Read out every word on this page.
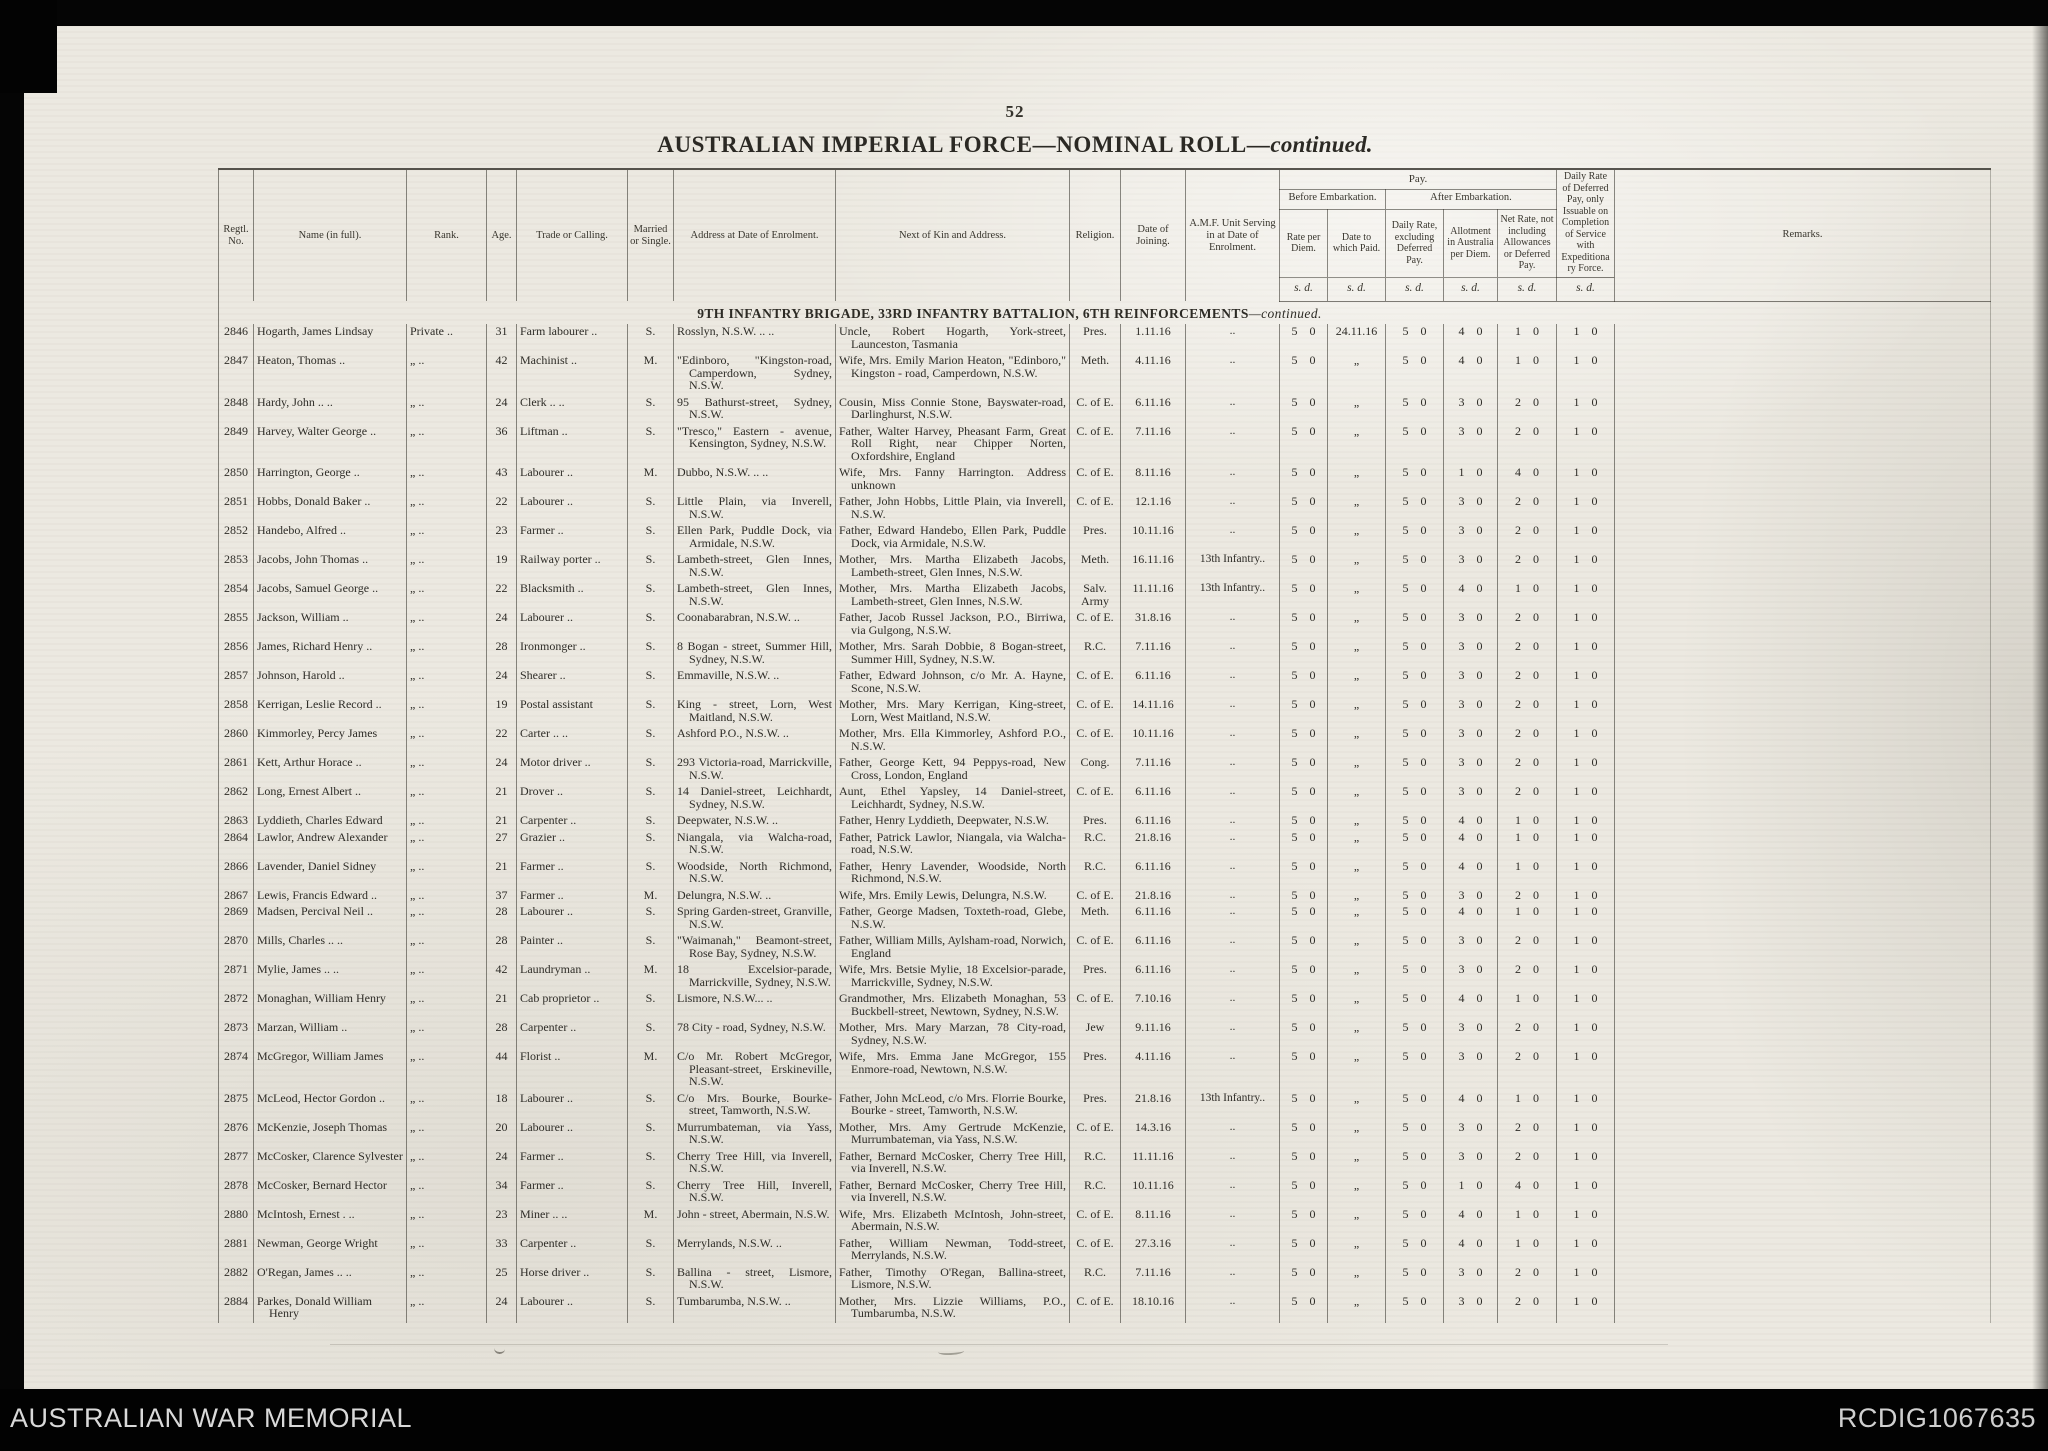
52
AUSTRALIAN IMPERIAL FORCE—NOMINAL ROLL—continued.
Regtl. No.	Name (in full).	Rank.	Age.	Trade or Calling.	Married or Single.	Address at Date of Enrolment.	Next of Kin and Address.	Religion.	Date of Joining.	A.M.F. Unit Serving in at Date of Enrolment.	Pay.					Daily Rate of Deferred Pay, only Issuable on Completion of Service with Expeditionary Force.	Remarks.
											Before Embarkation.		After Embarkation.				
											Rate per Diem.	Date to which Paid.	Daily Rate, excluding Deferred Pay.	Allotment in Australia per Diem.	Net Rate, not including Allowances or Deferred Pay.		
											s. d.	s. d.	s. d.	s. d.	s. d.	s. d.	
9TH INFANTRY BRIGADE, 33RD INFANTRY BATTALION, 6TH REINFORCEMENTS—continued.																	
2846	Hogarth, James Lindsay	Private ..	31	Farm labourer ..	S.	Rosslyn, N.S.W. .. ..	Uncle, Robert Hogarth, York-street, Launceston, Tasmania	Pres.	1.11.16	..	5 0	24.11.16	5 0	4 0	1 0	1 0	
2847	Heaton, Thomas ..	„ ..	42	Machinist ..	M.	"Edinboro, "Kingston-road, Camperdown, Sydney, N.S.W.	Wife, Mrs. Emily Marion Heaton, "Edinboro," Kingston - road, Camperdown, N.S.W.	Meth.	4.11.16	..	5 0	„	5 0	4 0	1 0	1 0	
2848	Hardy, John .. ..	„ ..	24	Clerk .. ..	S.	95 Bathurst-street, Sydney, N.S.W.	Cousin, Miss Connie Stone, Bayswater-road, Darlinghurst, N.S.W.	C. of E.	6.11.16	..	5 0	„	5 0	3 0	2 0	1 0	
2849	Harvey, Walter George ..	„ ..	36	Liftman ..	S.	"Tresco," Eastern - avenue, Kensington, Sydney, N.S.W.	Father, Walter Harvey, Pheasant Farm, Great Roll Right, near Chipper Norten, Oxfordshire, England	C. of E.	7.11.16	..	5 0	„	5 0	3 0	2 0	1 0	
2850	Harrington, George ..	„ ..	43	Labourer ..	M.	Dubbo, N.S.W. .. ..	Wife, Mrs. Fanny Harrington. Address unknown	C. of E.	8.11.16	..	5 0	„	5 0	1 0	4 0	1 0	
2851	Hobbs, Donald Baker ..	„ ..	22	Labourer ..	S.	Little Plain, via Inverell, N.S.W.	Father, John Hobbs, Little Plain, via Inverell, N.S.W.	C. of E.	12.1.16	..	5 0	„	5 0	3 0	2 0	1 0	
2852	Handebo, Alfred ..	„ ..	23	Farmer ..	S.	Ellen Park, Puddle Dock, via Armidale, N.S.W.	Father, Edward Handebo, Ellen Park, Puddle Dock, via Armidale, N.S.W.	Pres.	10.11.16	..	5 0	„	5 0	3 0	2 0	1 0	
2853	Jacobs, John Thomas ..	„ ..	19	Railway porter ..	S.	Lambeth-street, Glen Innes, N.S.W.	Mother, Mrs. Martha Elizabeth Jacobs, Lambeth-street, Glen Innes, N.S.W.	Meth.	16.11.16	13th Infantry..	5 0	„	5 0	3 0	2 0	1 0	
2854	Jacobs, Samuel George ..	„ ..	22	Blacksmith ..	S.	Lambeth-street, Glen Innes, N.S.W.	Mother, Mrs. Martha Elizabeth Jacobs, Lambeth-street, Glen Innes, N.S.W.	Salv. Army	11.11.16	13th Infantry..	5 0	„	5 0	4 0	1 0	1 0	
2855	Jackson, William ..	„ ..	24	Labourer ..	S.	Coonabarabran, N.S.W. ..	Father, Jacob Russel Jackson, P.O., Birriwa, via Gulgong, N.S.W.	C. of E.	31.8.16	..	5 0	„	5 0	3 0	2 0	1 0	
2856	James, Richard Henry ..	„ ..	28	Ironmonger ..	S.	8 Bogan - street, Summer Hill, Sydney, N.S.W.	Mother, Mrs. Sarah Dobbie, 8 Bogan-street, Summer Hill, Sydney, N.S.W.	R.C.	7.11.16	..	5 0	„	5 0	3 0	2 0	1 0	
2857	Johnson, Harold ..	„ ..	24	Shearer ..	S.	Emmaville, N.S.W. ..	Father, Edward Johnson, c/o Mr. A. Hayne, Scone, N.S.W.	C. of E.	6.11.16	..	5 0	„	5 0	3 0	2 0	1 0	
2858	Kerrigan, Leslie Record ..	„ ..	19	Postal assistant	S.	King - street, Lorn, West Maitland, N.S.W.	Mother, Mrs. Mary Kerrigan, King-street, Lorn, West Maitland, N.S.W.	C. of E.	14.11.16	..	5 0	„	5 0	3 0	2 0	1 0	
2860	Kimmorley, Percy James	„ ..	22	Carter .. ..	S.	Ashford P.O., N.S.W. ..	Mother, Mrs. Ella Kimmorley, Ashford P.O., N.S.W.	C. of E.	10.11.16	..	5 0	„	5 0	3 0	2 0	1 0	
2861	Kett, Arthur Horace ..	„ ..	24	Motor driver ..	S.	293 Victoria-road, Marrickville, N.S.W.	Father, George Kett, 94 Peppys-road, New Cross, London, England	Cong.	7.11.16	..	5 0	„	5 0	3 0	2 0	1 0	
2862	Long, Ernest Albert ..	„ ..	21	Drover ..	S.	14 Daniel-street, Leichhardt, Sydney, N.S.W.	Aunt, Ethel Yapsley, 14 Daniel-street, Leichhardt, Sydney, N.S.W.	C. of E.	6.11.16	..	5 0	„	5 0	3 0	2 0	1 0	
2863	Lyddieth, Charles Edward	„ ..	21	Carpenter ..	S.	Deepwater, N.S.W. ..	Father, Henry Lyddieth, Deepwater, N.S.W.	Pres.	6.11.16	..	5 0	„	5 0	4 0	1 0	1 0	
2864	Lawlor, Andrew Alexander	„ ..	27	Grazier ..	S.	Niangala, via Walcha-road, N.S.W.	Father, Patrick Lawlor, Niangala, via Walcha-road, N.S.W.	R.C.	21.8.16	..	5 0	„	5 0	4 0	1 0	1 0	
2866	Lavender, Daniel Sidney	„ ..	21	Farmer ..	S.	Woodside, North Richmond, N.S.W.	Father, Henry Lavender, Woodside, North Richmond, N.S.W.	R.C.	6.11.16	..	5 0	„	5 0	4 0	1 0	1 0	
2867	Lewis, Francis Edward ..	„ ..	37	Farmer ..	M.	Delungra, N.S.W. ..	Wife, Mrs. Emily Lewis, Delungra, N.S.W.	C. of E.	21.8.16	..	5 0	„	5 0	3 0	2 0	1 0	
2869	Madsen, Percival Neil ..	„ ..	28	Labourer ..	S.	Spring Garden-street, Granville, N.S.W.	Father, George Madsen, Toxteth-road, Glebe, N.S.W.	Meth.	6.11.16	..	5 0	„	5 0	4 0	1 0	1 0	
2870	Mills, Charles .. ..	„ ..	28	Painter ..	S.	"Waimanah," Beamont-street, Rose Bay, Sydney, N.S.W.	Father, William Mills, Aylsham-road, Norwich, England	C. of E.	6.11.16	..	5 0	„	5 0	3 0	2 0	1 0	
2871	Mylie, James .. ..	„ ..	42	Laundryman ..	M.	18 Excelsior-parade, Marrickville, Sydney, N.S.W.	Wife, Mrs. Betsie Mylie, 18 Excelsior-parade, Marrickville, Sydney, N.S.W.	Pres.	6.11.16	..	5 0	„	5 0	3 0	2 0	1 0	
2872	Monaghan, William Henry	„ ..	21	Cab proprietor ..	S.	Lismore, N.S.W... ..	Grandmother, Mrs. Elizabeth Monaghan, 53 Buckbell-street, Newtown, Sydney, N.S.W.	C. of E.	7.10.16	..	5 0	„	5 0	4 0	1 0	1 0	
2873	Marzan, William ..	„ ..	28	Carpenter ..	S.	78 City - road, Sydney, N.S.W.	Mother, Mrs. Mary Marzan, 78 City-road, Sydney, N.S.W.	Jew	9.11.16	..	5 0	„	5 0	3 0	2 0	1 0	
2874	McGregor, William James	„ ..	44	Florist ..	M.	C/o Mr. Robert McGregor, Pleasant-street, Erskineville, N.S.W.	Wife, Mrs. Emma Jane McGregor, 155 Enmore-road, Newtown, N.S.W.	Pres.	4.11.16	..	5 0	„	5 0	3 0	2 0	1 0	
2875	McLeod, Hector Gordon ..	„ ..	18	Labourer ..	S.	C/o Mrs. Bourke, Bourke-street, Tamworth, N.S.W.	Father, John McLeod, c/o Mrs. Florrie Bourke, Bourke - street, Tamworth, N.S.W.	Pres.	21.8.16	13th Infantry..	5 0	„	5 0	4 0	1 0	1 0	
2876	McKenzie, Joseph Thomas	„ ..	20	Labourer ..	S.	Murrumbateman, via Yass, N.S.W.	Mother, Mrs. Amy Gertrude McKenzie, Murrumbateman, via Yass, N.S.W.	C. of E.	14.3.16	..	5 0	„	5 0	3 0	2 0	1 0	
2877	McCosker, Clarence Sylvester	„ ..	24	Farmer ..	S.	Cherry Tree Hill, via Inverell, N.S.W.	Father, Bernard McCosker, Cherry Tree Hill, via Inverell, N.S.W.	R.C.	11.11.16	..	5 0	„	5 0	3 0	2 0	1 0	
2878	McCosker, Bernard Hector	„ ..	34	Farmer ..	S.	Cherry Tree Hill, Inverell, N.S.W.	Father, Bernard McCosker, Cherry Tree Hill, via Inverell, N.S.W.	R.C.	10.11.16	..	5 0	„	5 0	1 0	4 0	1 0	
2880	McIntosh, Ernest . ..	„ ..	23	Miner .. ..	M.	John - street, Abermain, N.S.W.	Wife, Mrs. Elizabeth McIntosh, John-street, Abermain, N.S.W.	C. of E.	8.11.16	..	5 0	„	5 0	4 0	1 0	1 0	
2881	Newman, George Wright	„ ..	33	Carpenter ..	S.	Merrylands, N.S.W. ..	Father, William Newman, Todd-street, Merrylands, N.S.W.	C. of E.	27.3.16	..	5 0	„	5 0	4 0	1 0	1 0	
2882	O'Regan, James .. ..	„ ..	25	Horse driver ..	S.	Ballina - street, Lismore, N.S.W.	Father, Timothy O'Regan, Ballina-street, Lismore, N.S.W.	R.C.	7.11.16	..	5 0	„	5 0	3 0	2 0	1 0	
2884	Parkes, Donald William Henry	„ ..	24	Labourer ..	S.	Tumbarumba, N.S.W. ..	Mother, Mrs. Lizzie Williams, P.O., Tumbarumba, N.S.W.	C. of E.	18.10.16	..	5 0	„	5 0	3 0	2 0	1 0	
AUSTRALIAN WAR MEMORIAL	RCDIG1067635
